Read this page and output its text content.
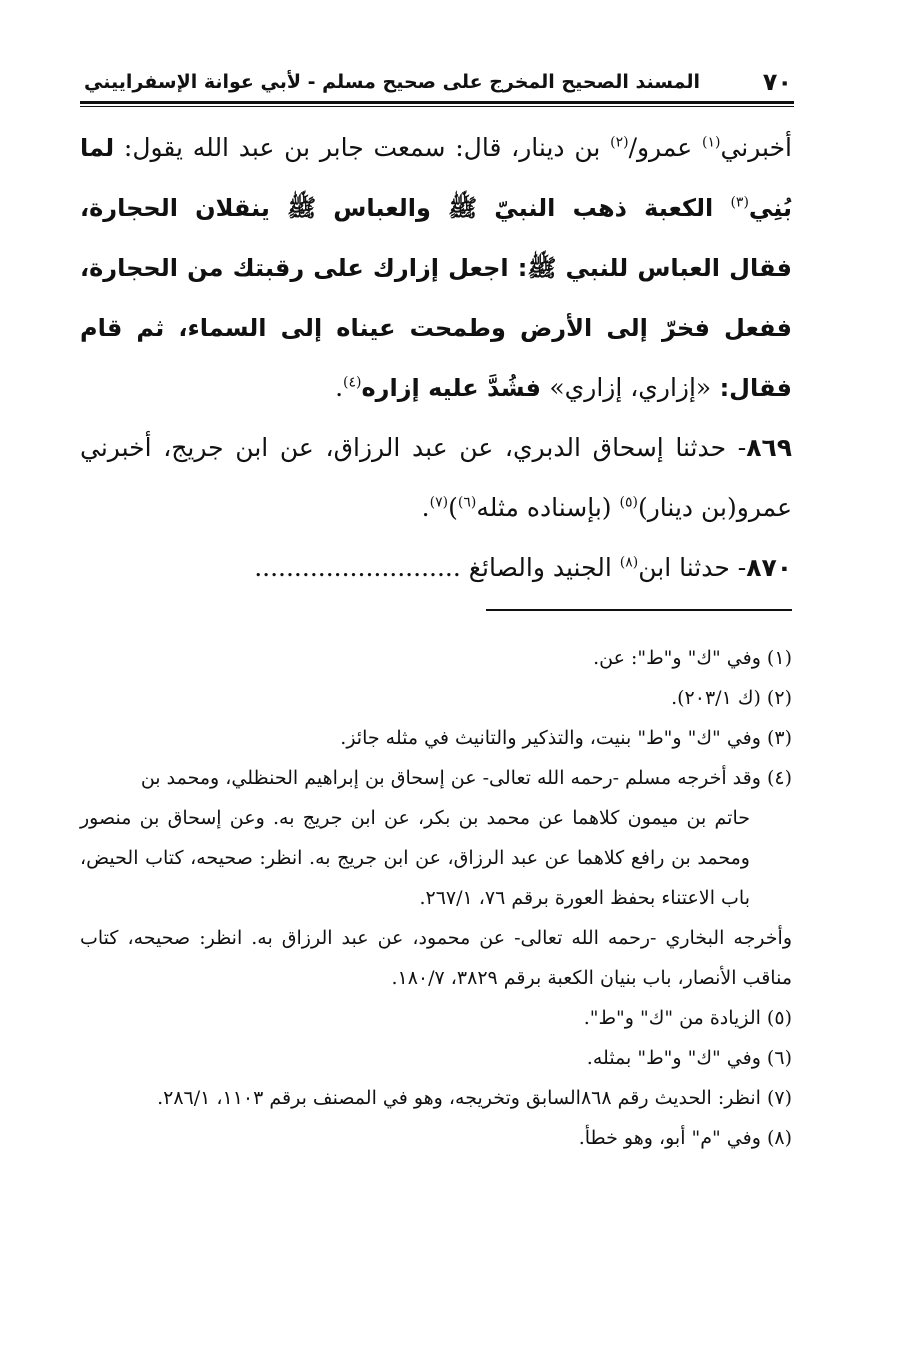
٧٠
المسند الصحيح المخرج على صحيح مسلم - لأبي عوانة الإسفراييني

أخبرني$^{(١)}$ عمرو/$^{(٢)}$ بن دينار، قال: سمعت جابر بن عبد الله يقول: لما بُنِي$^{(٣)}$ الكعبة ذهب النبيّ ﷺ والعباس ﷺ ينقلان الحجارة، فقال العباس للنبي ﷺ: اجعل إزارك على رقبتك من الحجارة، ففعل فخرّ إلى الأرض وطمحت عيناه إلى السماء، ثم قام فقال: «إزاري، إزاري» فشُدَّ عليه إزاره$^{(٤)}$.

٨٦٩- حدثنا إسحاق الدبري، عن عبد الرزاق، عن ابن جريج، أخبرني عمرو(بن دينار)$^{(٥)}$ (بإسناده مثله$^{(٦)}$)$^{(٧)}$.

٨٧٠- حدثنا ابن$^{(٨)}$ الجنيد والصائغ ..........................

(١) وفي "ك" و"ط": عن.

(٢) (ك ٢٠٣/١).

(٣) وفي "ك" و"ط" بنيت، والتذكير والتانيث في مثله جائز.

(٤) وقد أخرجه مسلم -رحمه الله تعالى- عن إسحاق بن إبراهيم الحنظلي، ومحمد بن

حاتم بن ميمون كلاهما عن محمد بن بكر، عن ابن جريج به. وعن إسحاق بن منصور ومحمد بن رافع كلاهما عن عبد الرزاق، عن ابن جريج به. انظر: صحيحه، كتاب الحيض، باب الاعتناء بحفظ العورة برقم ٧٦، ٢٦٧/١.

وأخرجه البخاري -رحمه الله تعالى- عن محمود، عن عبد الرزاق به. انظر: صحيحه، كتاب مناقب الأنصار، باب بنيان الكعبة برقم ٣٨٢٩، ١٨٠/٧.

(٥) الزيادة من "ك" و"ط".

(٦) وفي "ك" و"ط" بمثله.

(٧) انظر: الحديث رقم ٨٦٨السابق وتخريجه، وهو في المصنف برقم ١١٠٣، ٢٨٦/١.

(٨) وفي "م" أبو، وهو خطأ.
